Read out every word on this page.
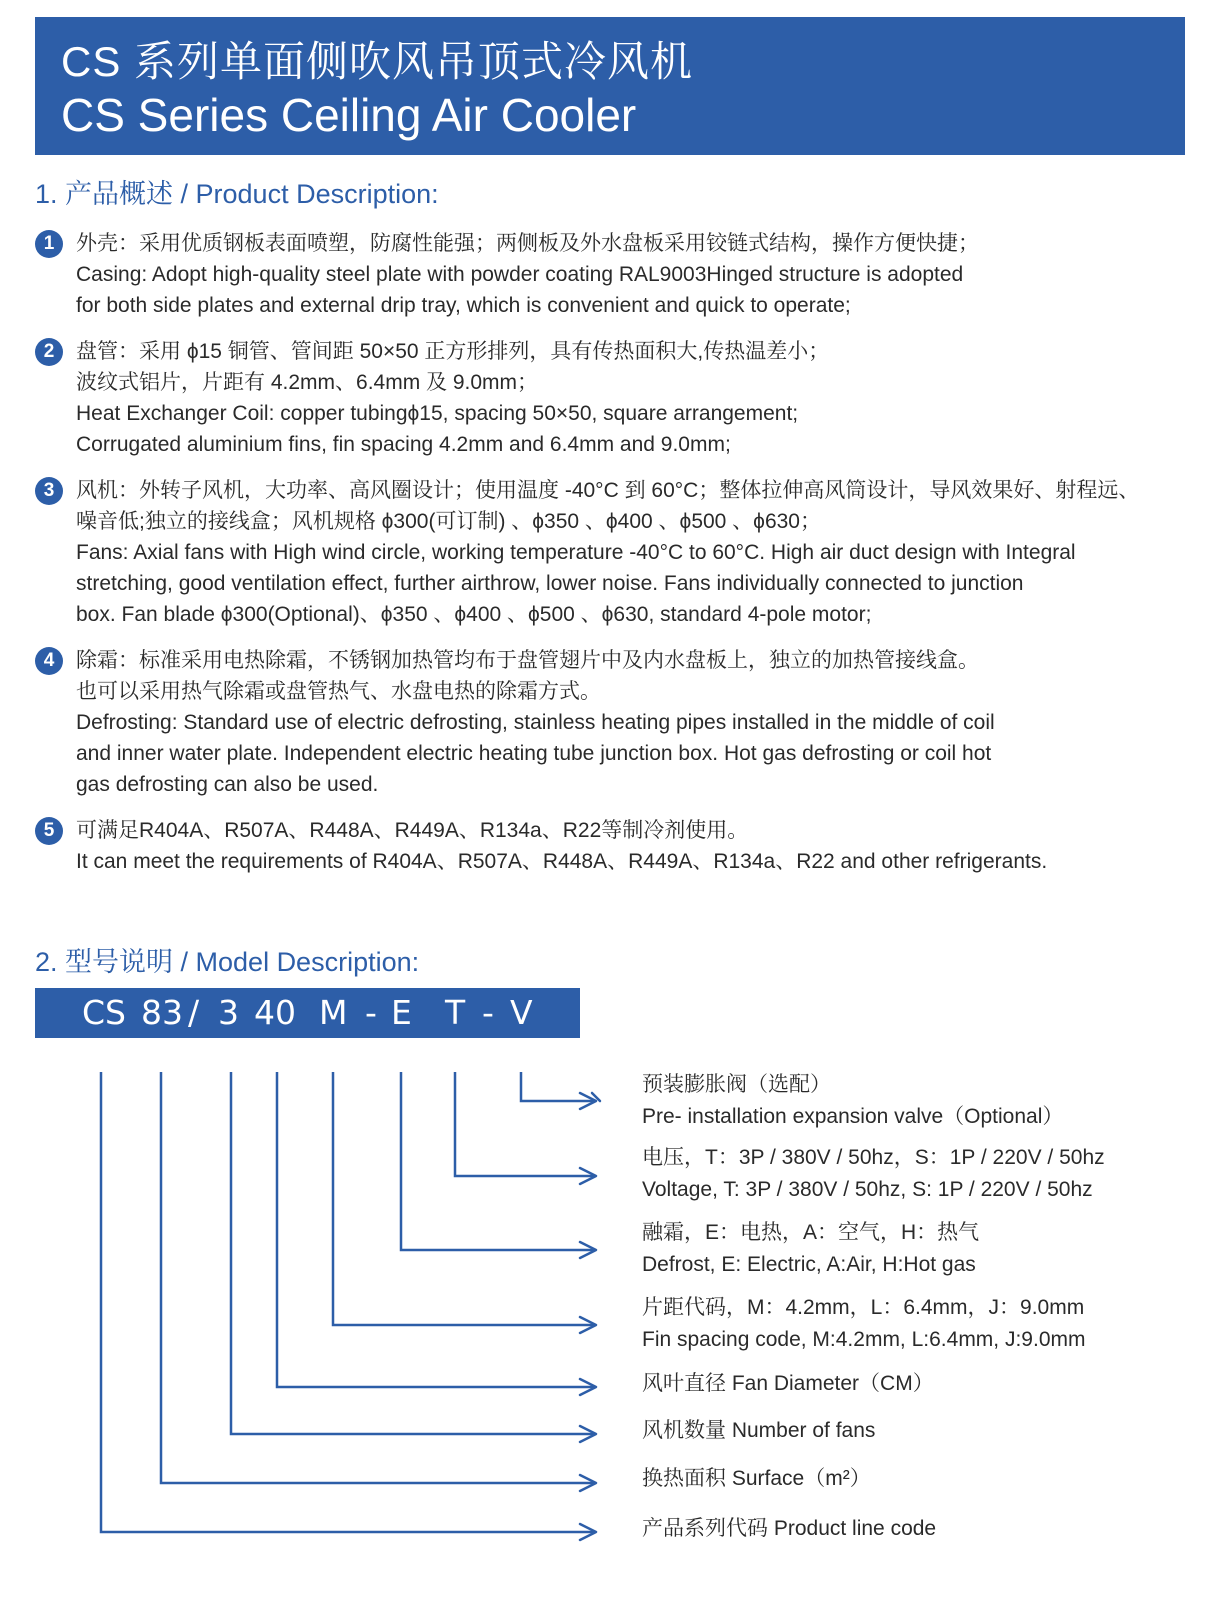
CS 系列单面侧吹风吊顶式冷风机
CS Series Ceiling Air Cooler
1. 产品概述 / Product Description:
1	外壳：采用优质钢板表面喷塑，防腐性能强；两侧板及外水盘板采用铰链式结构，操作方便快捷；
Casing: Adopt high-quality steel plate with powder coating RAL9003Hinged structure is adopted
for both side plates and external drip tray, which is convenient and quick to operate;
2	盘管：采用 ϕ15 铜管、管间距 50×50 正方形排列，具有传热面积大,传热温差小；
波纹式铝片，片距有 4.2mm、6.4mm 及 9.0mm；
Heat Exchanger Coil: copper tubingϕ15, spacing 50×50, square arrangement;
Corrugated aluminium fins, fin spacing 4.2mm and 6.4mm and 9.0mm;
3	风机：外转子风机，大功率、高风圈设计；使用温度 -40°C 到 60°C；整体拉伸高风筒设计，导风效果好、射程远、
噪音低;独立的接线盒；风机规格 ϕ300(可订制) 、ϕ350 、ϕ400 、ϕ500 、ϕ630；
Fans: Axial fans with High wind circle, working temperature -40°C to 60°C. High air duct design with Integral
stretching, good ventilation effect, further airthrow, lower noise. Fans individually connected to junction
box. Fan blade ϕ300(Optional)、ϕ350 、ϕ400 、ϕ500 、ϕ630, standard 4-pole motor;
4	除霜：标准采用电热除霜，不锈钢加热管均布于盘管翅片中及内水盘板上，独立的加热管接线盒。
也可以采用热气除霜或盘管热气、水盘电热的除霜方式。
Defrosting: Standard use of electric defrosting, stainless heating pipes installed in the middle of coil
and inner water plate. Independent electric heating tube junction box. Hot gas defrosting or coil hot
gas defrosting can also be used.
5	可满足R404A、R507A、R448A、R449A、R134a、R22等制冷剂使用。
It can meet the requirements of R404A、R507A、R448A、R449A、R134a、R22 and other refrigerants.
2. 型号说明 / Model Description:
CS 83 / 3 40 M - E T - V
预装膨胀阀（选配）
Pre- installation expansion valve（Optional）
电压，T：3P / 380V / 50hz，S：1P / 220V / 50hz
Voltage, T: 3P / 380V / 50hz, S: 1P / 220V / 50hz
融霜，E：电热，A：空气，H：热气
Defrost, E: Electric, A:Air, H:Hot gas
片距代码，M：4.2mm，L：6.4mm，J：9.0mm
Fin spacing code, M:4.2mm, L:6.4mm, J:9.0mm
风叶直径 Fan Diameter（CM）
风机数量 Number of fans
换热面积 Surface（m²）
产品系列代码 Product line code
